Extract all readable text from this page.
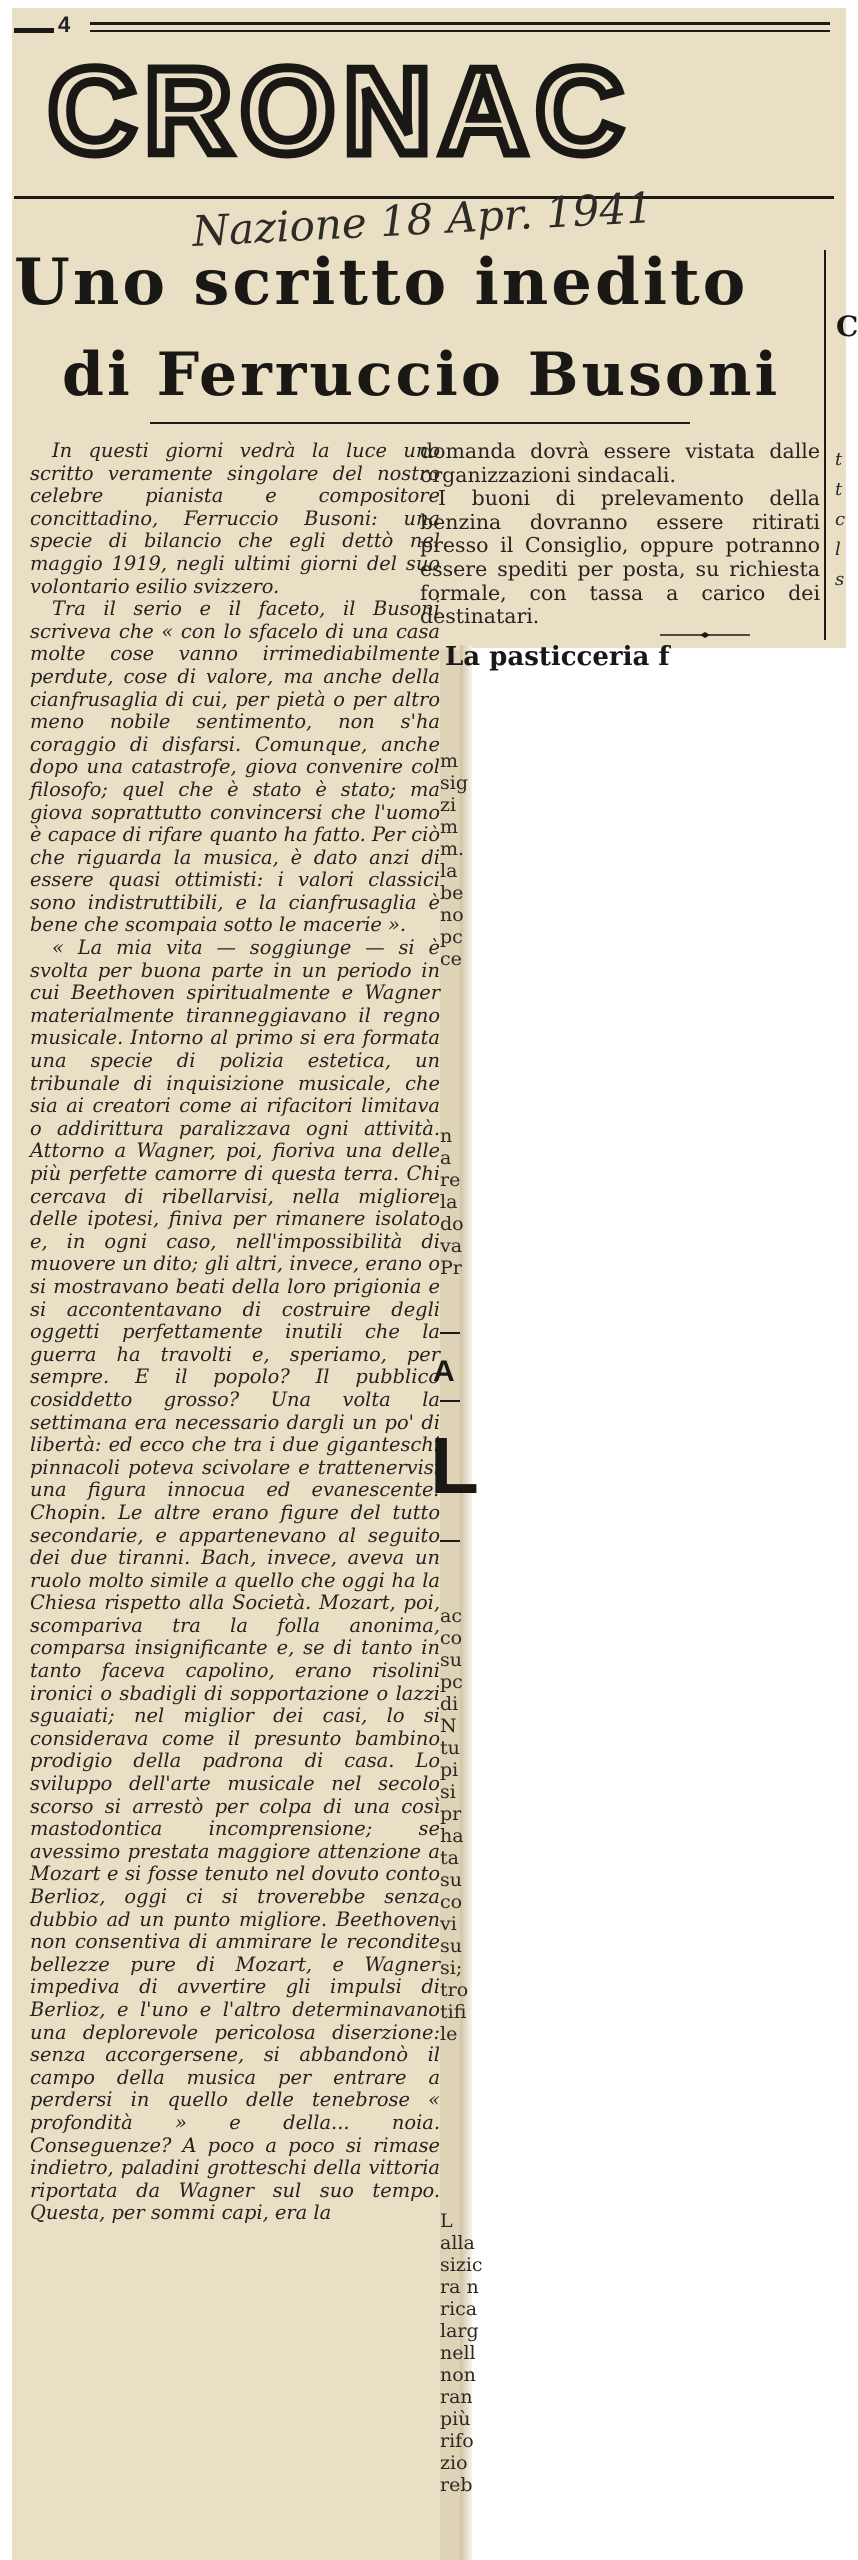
4
CRONAC
Nazione 18 Apr. 1941
Uno scritto inedito
di Ferruccio Busoni
C
t
t
c
l
s

In questi giorni vedrà la luce uno scritto veramente singolare del nostro celebre pianista e compositore concittadino, Ferruccio Busoni: una specie di bilancio che egli dettò nel maggio 1919, negli ultimi giorni del suo volontario esilio svizzero.

Tra il serio e il faceto, il Busoni scriveva che « con lo sfacelo di una casa molte cose vanno irrimediabilmente perdute, cose di valore, ma anche della cianfrusaglia di cui, per pietà o per altro meno nobile sentimento, non s'ha coraggio di disfarsi. Comunque, anche dopo una catastrofe, giova convenire col filosofo; quel che è stato è stato; ma giova soprattutto convincersi che l'uomo è capace di rifare quanto ha fatto. Per ciò che riguarda la musica, è dato anzi di essere quasi ottimisti: i valori classici sono indistruttibili, e la cianfrusaglia è bene che scompaia sotto le macerie ».

« La mia vita — soggiunge — si è svolta per buona parte in un periodo in cui Beethoven spiritualmente e Wagner materialmente tiranneggiavano il regno musicale. Intorno al primo si era formata una specie di polizia estetica, un tribunale di inquisizione musicale, che sia ai creatori come ai rifacitori limitava o addirittura paralizzava ogni attività. Attorno a Wagner, poi, fioriva una delle più perfette camorre di questa terra. Chi cercava di ribellarvisi, nella migliore delle ipotesi, finiva per rimanere isolato e, in ogni caso, nell'impossibilità di muovere un dito; gli altri, invece, erano o si mostravano beati della loro prigionia e si accontentavano di costruire degli oggetti perfettamente inutili che la guerra ha travolti e, speriamo, per sempre. E il popolo? Il pubblico cosiddetto grosso? Una volta la settimana era necessario dargli un po' di libertà: ed ecco che tra i due giganteschi pinnacoli poteva scivolare e trattenervisi una figura innocua ed evanescente: Chopin. Le altre erano figure del tutto secondarie, e appartenevano al seguito dei due tiranni. Bach, invece, aveva un ruolo molto simile a quello che oggi ha la Chiesa rispetto alla Società. Mozart, poi, scompariva tra la folla anonima, comparsa insignificante e, se di tanto in tanto faceva capolino, erano risolini ironici o sbadigli di sopportazione o lazzi sguaiati; nel miglior dei casi, lo si considerava come il presunto bambino prodigio della padrona di casa. Lo sviluppo dell'arte musicale nel secolo scorso si arrestò per colpa di una così mastodontica incomprensione; se avessimo prestata maggiore attenzione a Mozart e si fosse tenuto nel dovuto conto Berlioz, oggi ci si troverebbe senza dubbio ad un punto migliore. Beethoven non consentiva di ammirare le recondite bellezze pure di Mozart, e Wagner impediva di avvertire gli impulsi di Berlioz, e l'uno e l'altro determinavano una deplorevole pericolosa diserzione: senza accorgersene, si abbandonò il campo della musica per entrare a perdersi in quello delle tenebrose « profondità » e della... noia. Conseguenze? A poco a poco si rimase indietro, paladini grotteschi della vittoria riportata da Wagner sul suo tempo. Questa, per sommi capi, era la

domanda dovrà essere vistata dalle organizzazioni sindacali.

I buoni di prelevamento della benzina dovranno essere ritirati presso il Consiglio, oppure potranno essere spediti per posta, su richiesta formale, con tassa a carico dei destinatari.

La pasticceria f
m
sig
zi
m
m.
la
be
no
pc
ce
n
a
re
la
do
va
Pr
A
L
ac
co
su
pc
di
N
tu
pi
si
pr
ha
ta
su
co
vi
su
si;
tro
tifi
le
L
alla
sizic
ra n
rica
larg
nell
non
ran
più
rifo
zio
reb
